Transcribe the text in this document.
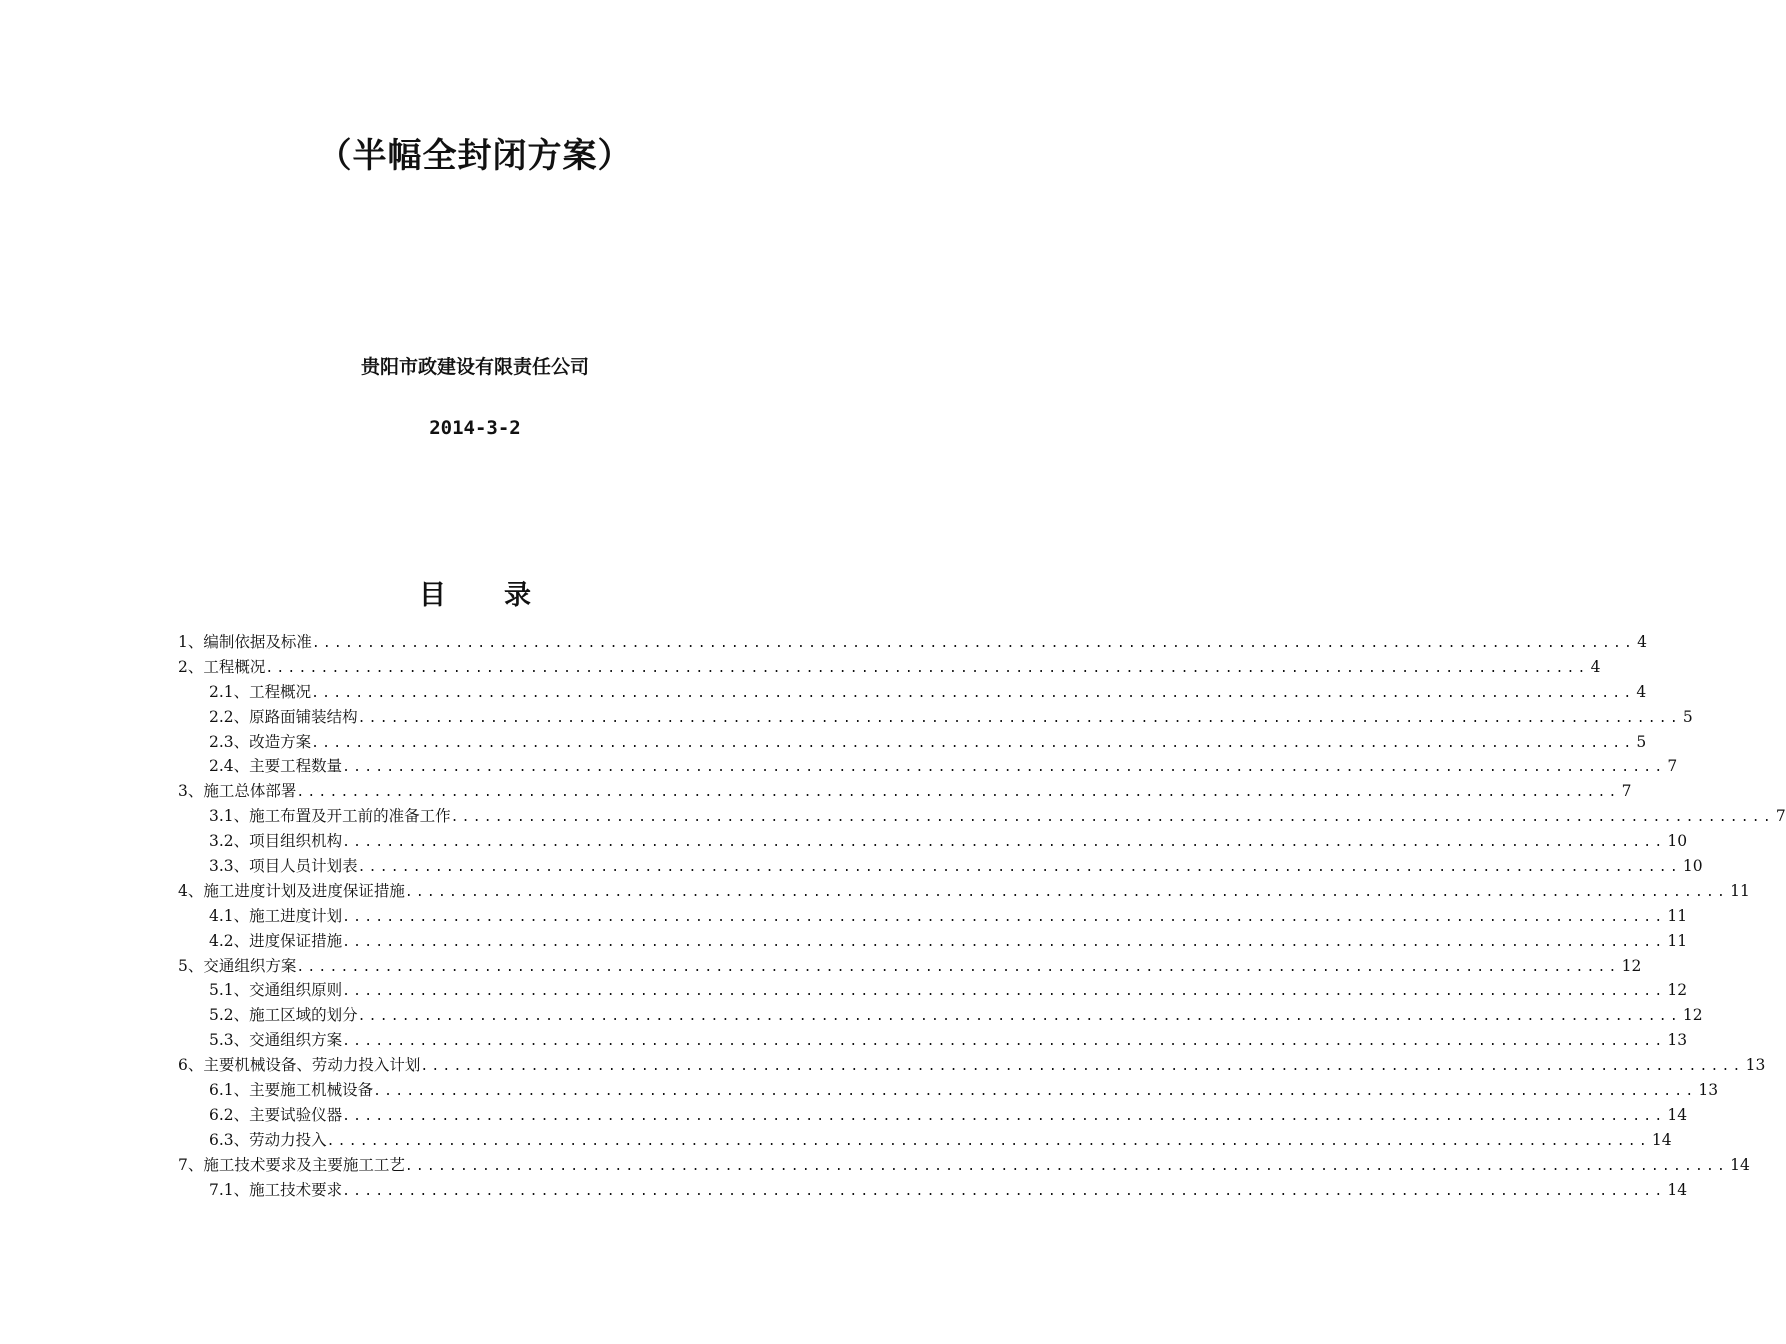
（半幅全封闭方案）
贵阳市政建设有限责任公司
2014-3-2
目 录
1、编制依据及标准 ........................................................................................................................ 4
2、工程概况 ........................................................................................................................ 4
2.1、工程概况 ........................................................................................................................ 4
2.2、原路面铺装结构 ........................................................................................................................ 5
2.3、改造方案 ........................................................................................................................ 5
2.4、主要工程数量 ........................................................................................................................ 7
3、施工总体部署 ........................................................................................................................ 7
3.1、施工布置及开工前的准备工作 ........................................................................................................................ 7
3.2、项目组织机构 ........................................................................................................................ 10
3.3、项目人员计划表 ........................................................................................................................ 10
4、施工进度计划及进度保证措施 ........................................................................................................................ 11
4.1、施工进度计划 ........................................................................................................................ 11
4.2、进度保证措施 ........................................................................................................................ 11
5、交通组织方案 ........................................................................................................................ 12
5.1、交通组织原则 ........................................................................................................................ 12
5.2、施工区域的划分 ........................................................................................................................ 12
5.3、交通组织方案 ........................................................................................................................ 13
6、主要机械设备、劳动力投入计划 ........................................................................................................................ 13
6.1、主要施工机械设备 ........................................................................................................................ 13
6.2、主要试验仪器 ........................................................................................................................ 14
6.3、劳动力投入 ........................................................................................................................ 14
7、施工技术要求及主要施工工艺 ........................................................................................................................ 14
7.1、施工技术要求 ........................................................................................................................ 14
